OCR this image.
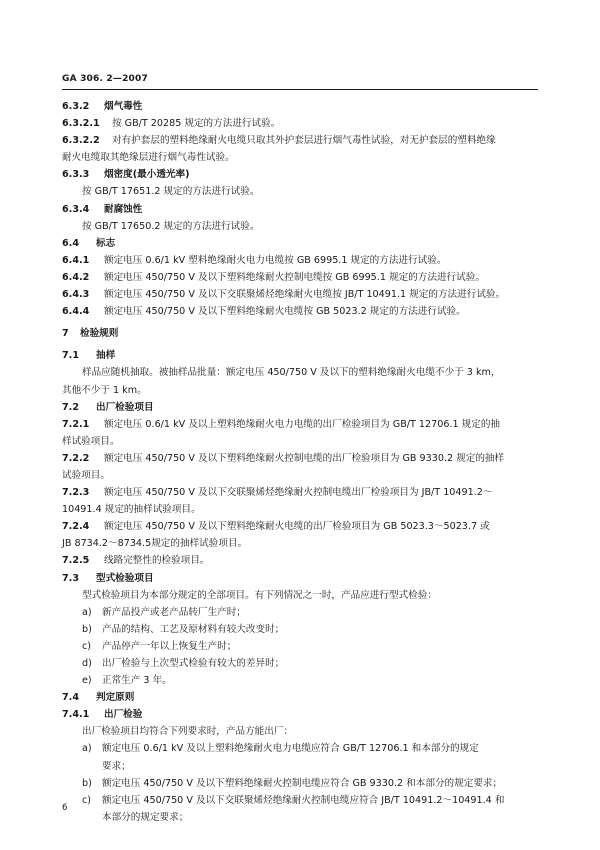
GA 306. 2—2007
6.3.2 烟气毒性
6.3.2.1 按 GB/T 20285 规定的方法进行试验。
6.3.2.2 对有护套层的塑料绝缘耐火电缆只取其外护套层进行烟气毒性试验，对无护套层的塑料绝缘
耐火电缆取其绝缘层进行烟气毒性试验。
6.3.3 烟密度(最小透光率)
按 GB/T 17651.2 规定的方法进行试验。
6.3.4 耐腐蚀性
按 GB/T 17650.2 规定的方法进行试验。
6.4 标志
6.4.1 额定电压 0.6/1 kV 塑料绝缘耐火电力电缆按 GB 6995.1 规定的方法进行试验。
6.4.2 额定电压 450/750 V 及以下塑料绝缘耐火控制电缆按 GB 6995.1 规定的方法进行试验。
6.4.3 额定电压 450/750 V 及以下交联聚烯烃绝缘耐火电缆按 JB/T 10491.1 规定的方法进行试验。
6.4.4 额定电压 450/750 V 及以下塑料绝缘耐火电缆按 GB 5023.2 规定的方法进行试验。
7 检验规则
7.1 抽样
样品应随机抽取。被抽样品批量：额定电压 450/750 V 及以下的塑料绝缘耐火电缆不少于 3 km，
其他不少于 1 km。
7.2 出厂检验项目
7.2.1 额定电压 0.6/1 kV 及以上塑料绝缘耐火电力电缆的出厂检验项目为 GB/T 12706.1 规定的抽
样试验项目。
7.2.2 额定电压 450/750 V 及以下塑料绝缘耐火控制电缆的出厂检验项目为 GB 9330.2 规定的抽样
试验项目。
7.2.3 额定电压 450/750 V 及以下交联聚烯烃绝缘耐火控制电缆出厂检验项目为 JB/T 10491.2～
10491.4 规定的抽样试验项目。
7.2.4 额定电压 450/750 V 及以下塑料绝缘耐火电缆的出厂检验项目为 GB 5023.3～5023.7 或
JB 8734.2～8734.5规定的抽样试验项目。
7.2.5 线路完整性的检验项目。
7.3 型式检验项目
型式检验项目为本部分规定的全部项目。有下列情况之一时，产品应进行型式检验：
a) 新产品投产或老产品转厂生产时；
b) 产品的结构、工艺及原材料有较大改变时；
c) 产品停产一年以上恢复生产时；
d) 出厂检验与上次型式检验有较大的差异时；
e) 正常生产 3 年。
7.4 判定原则
7.4.1 出厂检验
出厂检验项目均符合下列要求时，产品方能出厂：
a) 额定电压 0.6/1 kV 及以上塑料绝缘耐火电力电缆应符合 GB/T 12706.1 和本部分的规定
要求；
b) 额定电压 450/750 V 及以下塑料绝缘耐火控制电缆应符合 GB 9330.2 和本部分的规定要求；
c) 额定电压 450/750 V 及以下交联聚烯烃绝缘耐火控制电缆应符合 JB/T 10491.2～10491.4 和
本部分的规定要求；
6
